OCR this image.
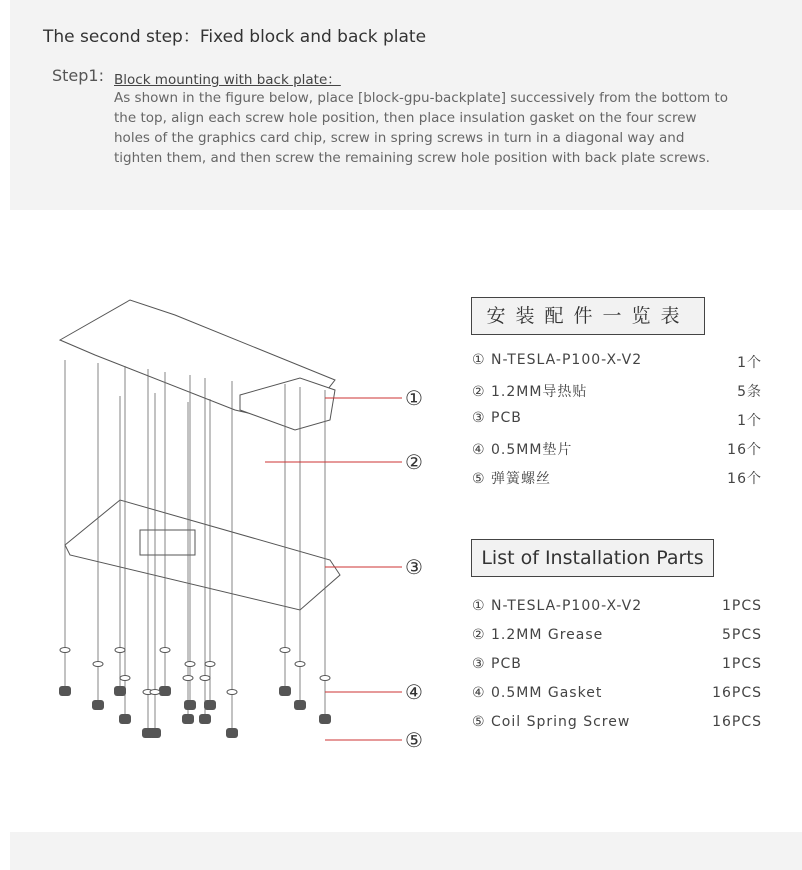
The second step：Fixed block and back plate
Step1: Block mounting with back plate：
As shown in the figure below, place [block-gpu-backplate] successively from the bottom to the top, align each screw hole position, then place insulation gasket on the four screw holes of the graphics card chip, screw in spring screws in turn in a diagonal way and tighten them, and then screw the remaining screw hole position with back plate screws.
①
②
③
④
⑤
安装配件一览表
① N-TESLA-P100-X-V2	1个
② 1.2MM导热贴	5条
③ PCB	1个
④ 0.5MM垫片	16个
⑤ 弹簧螺丝	16个
List of Installation Parts
① N-TESLA-P100-X-V2	1PCS
② 1.2MM Grease	5PCS
③ PCB	1PCS
④ 0.5MM Gasket	16PCS
⑤ Coil Spring Screw	16PCS
